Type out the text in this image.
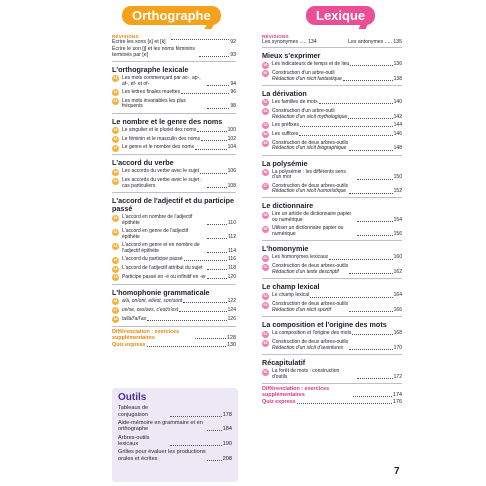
Orthographe
RÉVISIONS
Écrire les sons [s] et [k]	92
Écrire le son [j] et les noms féminins terminés par [e]	93
L'orthographe lexicale
32 Les mots commençant par ac-, ap-, af-, ef- et of-	94
33 Les lettres finales muettes	96
34 Les mots invariables les plus fréquents	98
Le nombre et le genre des noms
35 Le singulier et le pluriel des noms	100
36 Le féminin et le masculin des noms	102
37 Le genre et le nombre des noms	104
L'accord du verbe
38 Les accords du verbe avec le sujet	106
39 Les accords du verbe avec le sujet : cas particuliers	108
L'accord de l'adjectif et du participe passé
40 L'accord en nombre de l'adjectif épithète	110
41 L'accord en genre de l'adjectif épithète	112
42 L'accord en genre et en nombre de l'adjectif épithète	114
43 L'accord du participe passé	116
44 L'accord de l'adjectif attribut du sujet	118
45 Participe passé en -é ou infinitif en -er	120
L'homophonie grammaticale
46 a/à, on/ont, et/est, son/sont	122
47 ce/se, ces/ses, c'est/s'est	124
48 la/là/l'a/l'as	126
Différenciation : exercices supplémentaires	128
Quiz express	130
Outils
Tableaux de conjugaison	178
Aide-mémoire en grammaire et en orthographe	184
Arbres-outils lexicaux	190
Grilles pour évaluer les productions orales et écrites	208
Lexique
RÉVISIONS
Les synonymes ..... 134	Les antonymes ..... 135
Mieux s'exprimer
49 Les indicateurs de temps et de lieu	136
50 Construction d'un arbre-outil
Rédaction d'un récit fantastique	138
La dérivation
51 Les familles de mots	140
52 Construction d'un arbre-outil
Rédaction d'un récit mythologique	142
53 Les préfixes	144
54 Les suffixes	146
55 Construction de deux arbres-outils
Rédaction d'un récit biographique	148
La polysémie
56 La polysémie : les différents sens d'un mot	150
57 Construction de deux arbres-outils
Rédaction d'un récit humoristique	152
Le dictionnaire
58 Lire un article de dictionnaire papier ou numérique	154
59 Utiliser un dictionnaire papier ou numérique	156
L'homonymie
60 Les homonymes lexicaux	160
61 Construction de deux arbres-outils
Rédaction d'un texte descriptif	162
Le champ lexical
62 Le champ lexical	164
63 Construction de deux arbres-outils
Rédaction d'un récit sportif	166
La composition et l'origine des mots
64 La composition et l'origine des mots	168
65 Construction de deux arbres-outils
Rédaction d'un récit d'aventures	170
Récapitulatif
66 La forêt de mots : construction d'outils	172
Différenciation : exercices supplémentaires	174
Quiz express	176
7
